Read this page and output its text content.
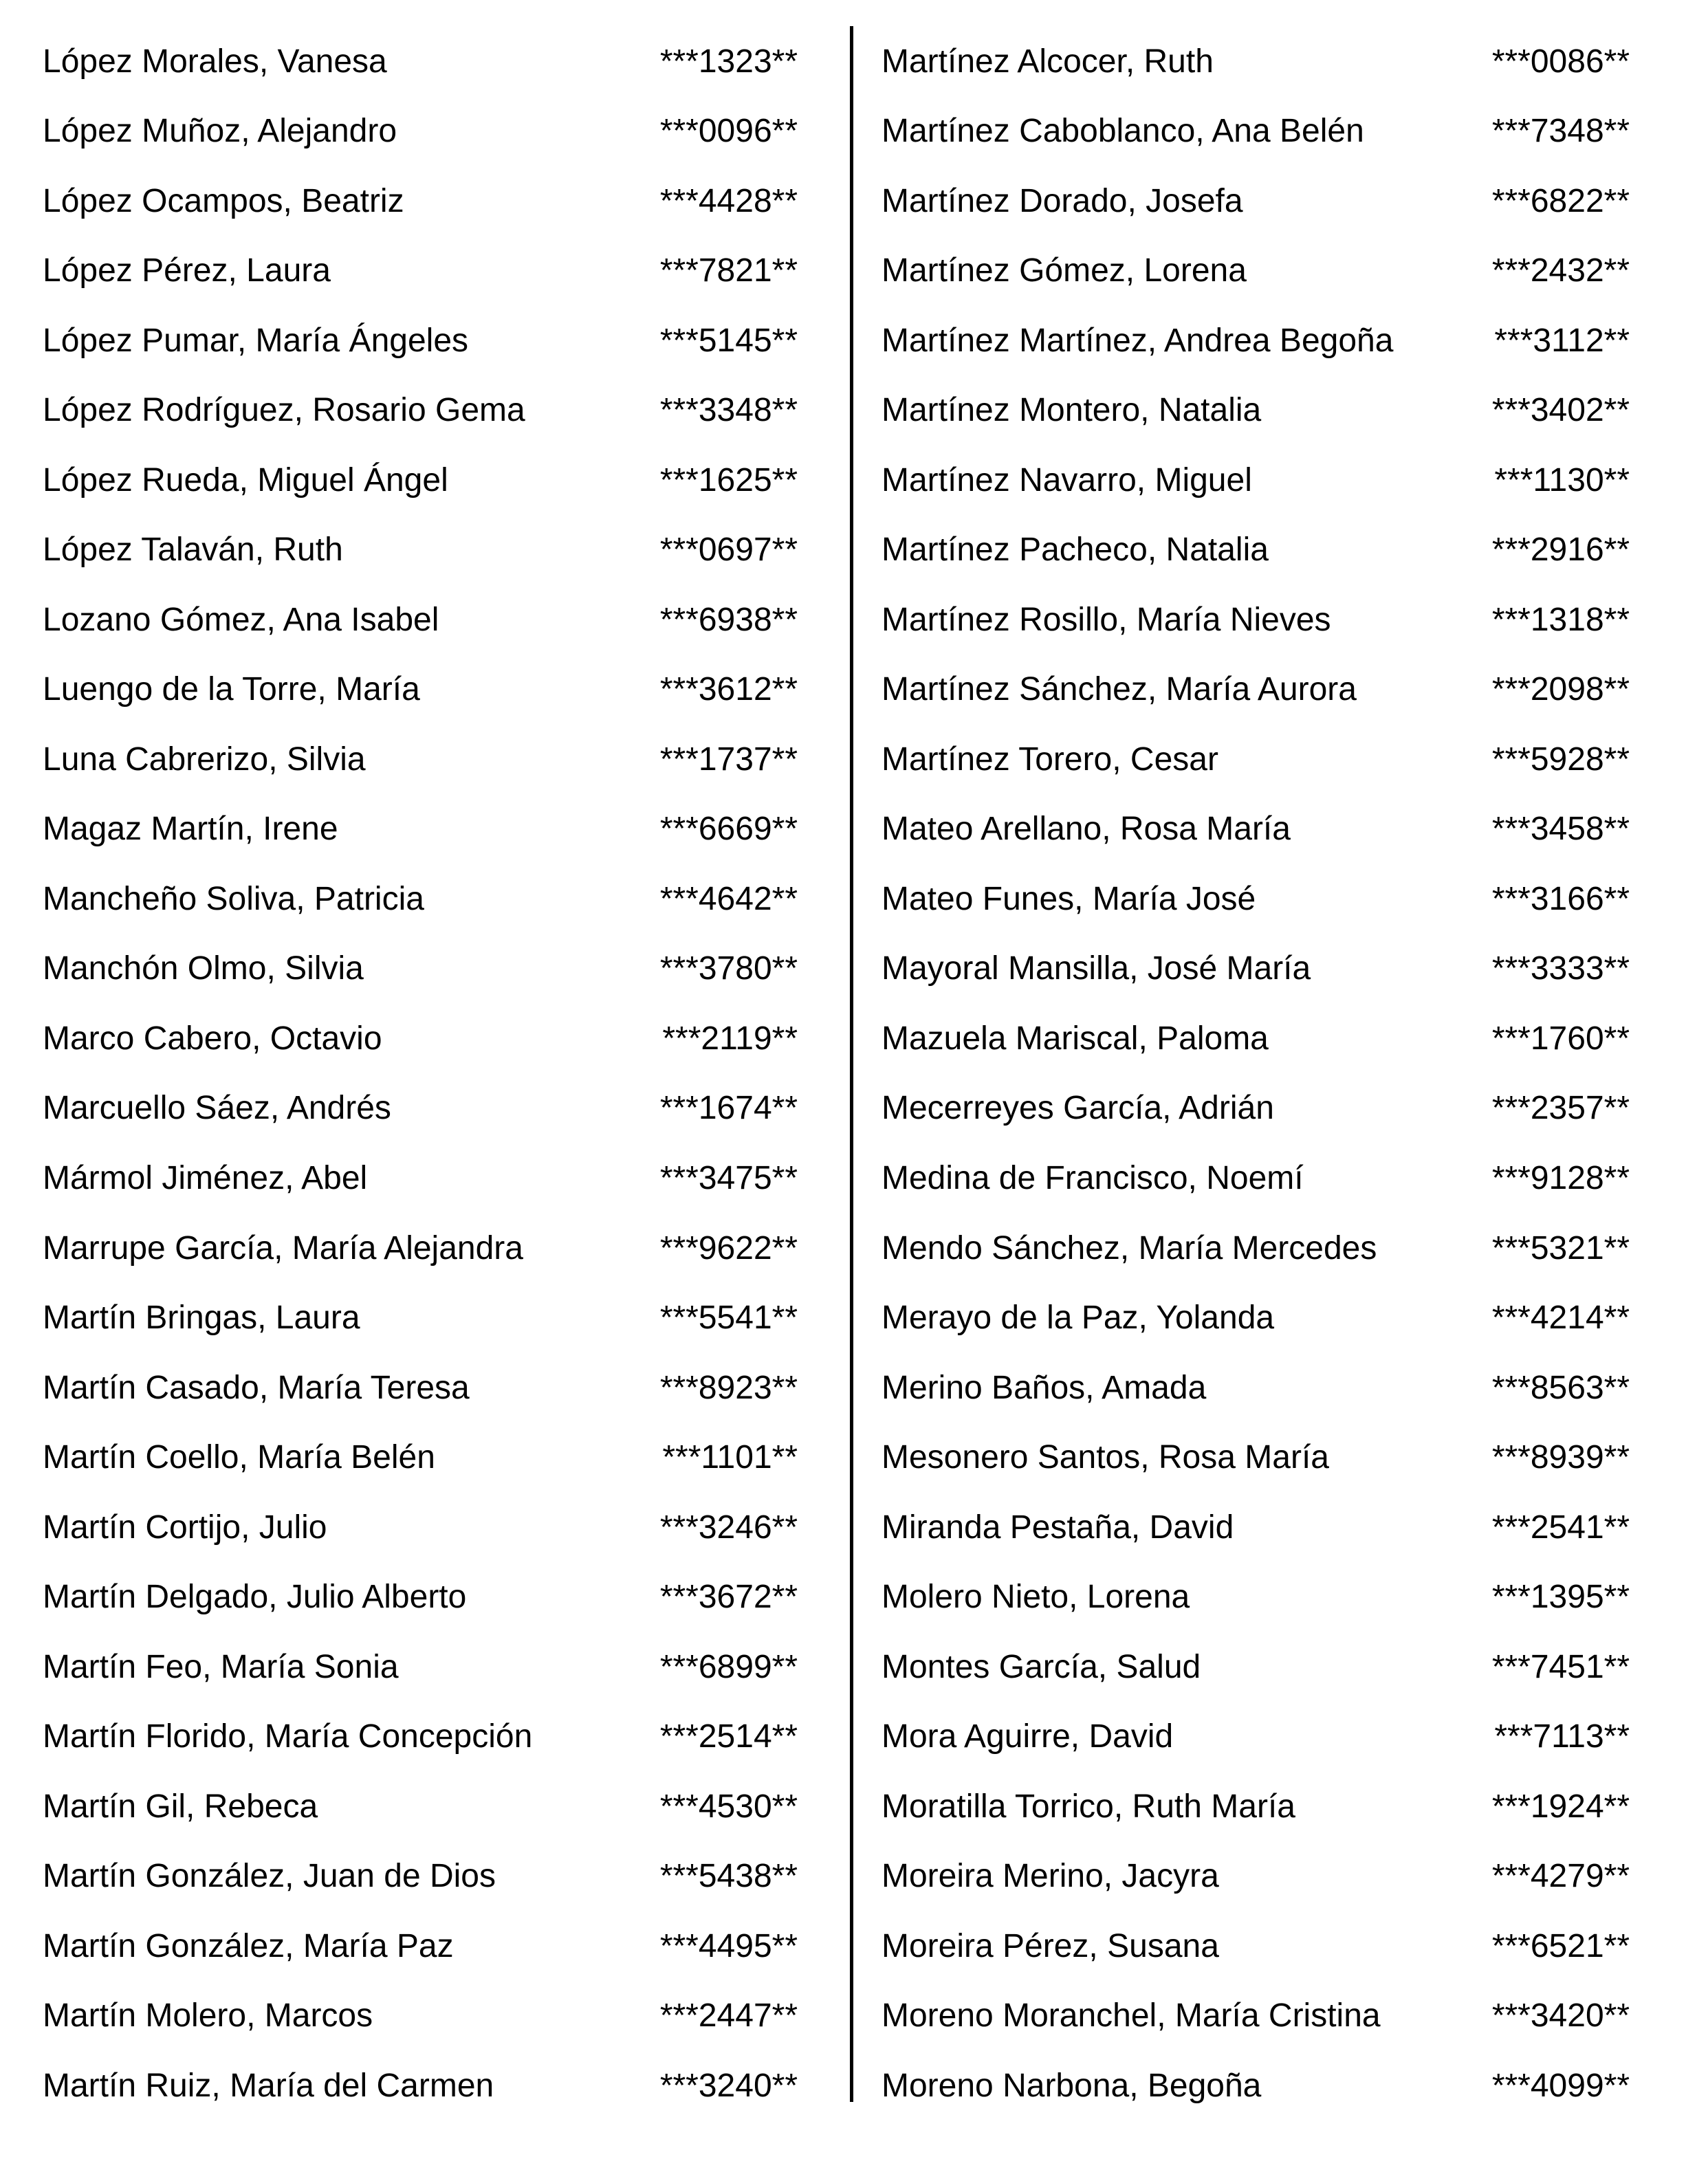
López Morales, Vanesa	***1323**
López Muñoz, Alejandro	***0096**
López Ocampos, Beatriz	***4428**
López Pérez, Laura	***7821**
López Pumar, María Ángeles	***5145**
López Rodríguez, Rosario Gema	***3348**
López Rueda, Miguel Ángel	***1625**
López Talaván, Ruth	***0697**
Lozano Gómez, Ana Isabel	***6938**
Luengo de la Torre, María	***3612**
Luna Cabrerizo, Silvia	***1737**
Magaz Martín, Irene	***6669**
Mancheño Soliva, Patricia	***4642**
Manchón Olmo, Silvia	***3780**
Marco Cabero, Octavio	***2119**
Marcuello Sáez, Andrés	***1674**
Mármol Jiménez, Abel	***3475**
Marrupe García, María Alejandra	***9622**
Martín Bringas, Laura	***5541**
Martín Casado, María Teresa	***8923**
Martín Coello, María Belén	***1101**
Martín Cortijo, Julio	***3246**
Martín Delgado, Julio Alberto	***3672**
Martín Feo, María Sonia	***6899**
Martín Florido, María Concepción	***2514**
Martín Gil, Rebeca	***4530**
Martín González, Juan de Dios	***5438**
Martín González, María Paz	***4495**
Martín Molero, Marcos	***2447**
Martín Ruiz, María del Carmen	***3240**
Martínez Alcocer, Ruth	***0086**
Martínez Caboblanco, Ana Belén	***7348**
Martínez Dorado, Josefa	***6822**
Martínez Gómez, Lorena	***2432**
Martínez Martínez, Andrea Begoña	***3112**
Martínez Montero, Natalia	***3402**
Martínez Navarro, Miguel	***1130**
Martínez Pacheco, Natalia	***2916**
Martínez Rosillo, María Nieves	***1318**
Martínez Sánchez, María Aurora	***2098**
Martínez Torero, Cesar	***5928**
Mateo Arellano, Rosa María	***3458**
Mateo Funes, María José	***3166**
Mayoral Mansilla, José María	***3333**
Mazuela Mariscal, Paloma	***1760**
Mecerreyes García, Adrián	***2357**
Medina de Francisco, Noemí	***9128**
Mendo Sánchez, María Mercedes	***5321**
Merayo de la Paz, Yolanda	***4214**
Merino Baños, Amada	***8563**
Mesonero Santos, Rosa María	***8939**
Miranda Pestaña, David	***2541**
Molero Nieto, Lorena	***1395**
Montes García, Salud	***7451**
Mora Aguirre, David	***7113**
Moratilla Torrico, Ruth María	***1924**
Moreira Merino, Jacyra	***4279**
Moreira Pérez, Susana	***6521**
Moreno Moranchel, María Cristina	***3420**
Moreno Narbona, Begoña	***4099**
